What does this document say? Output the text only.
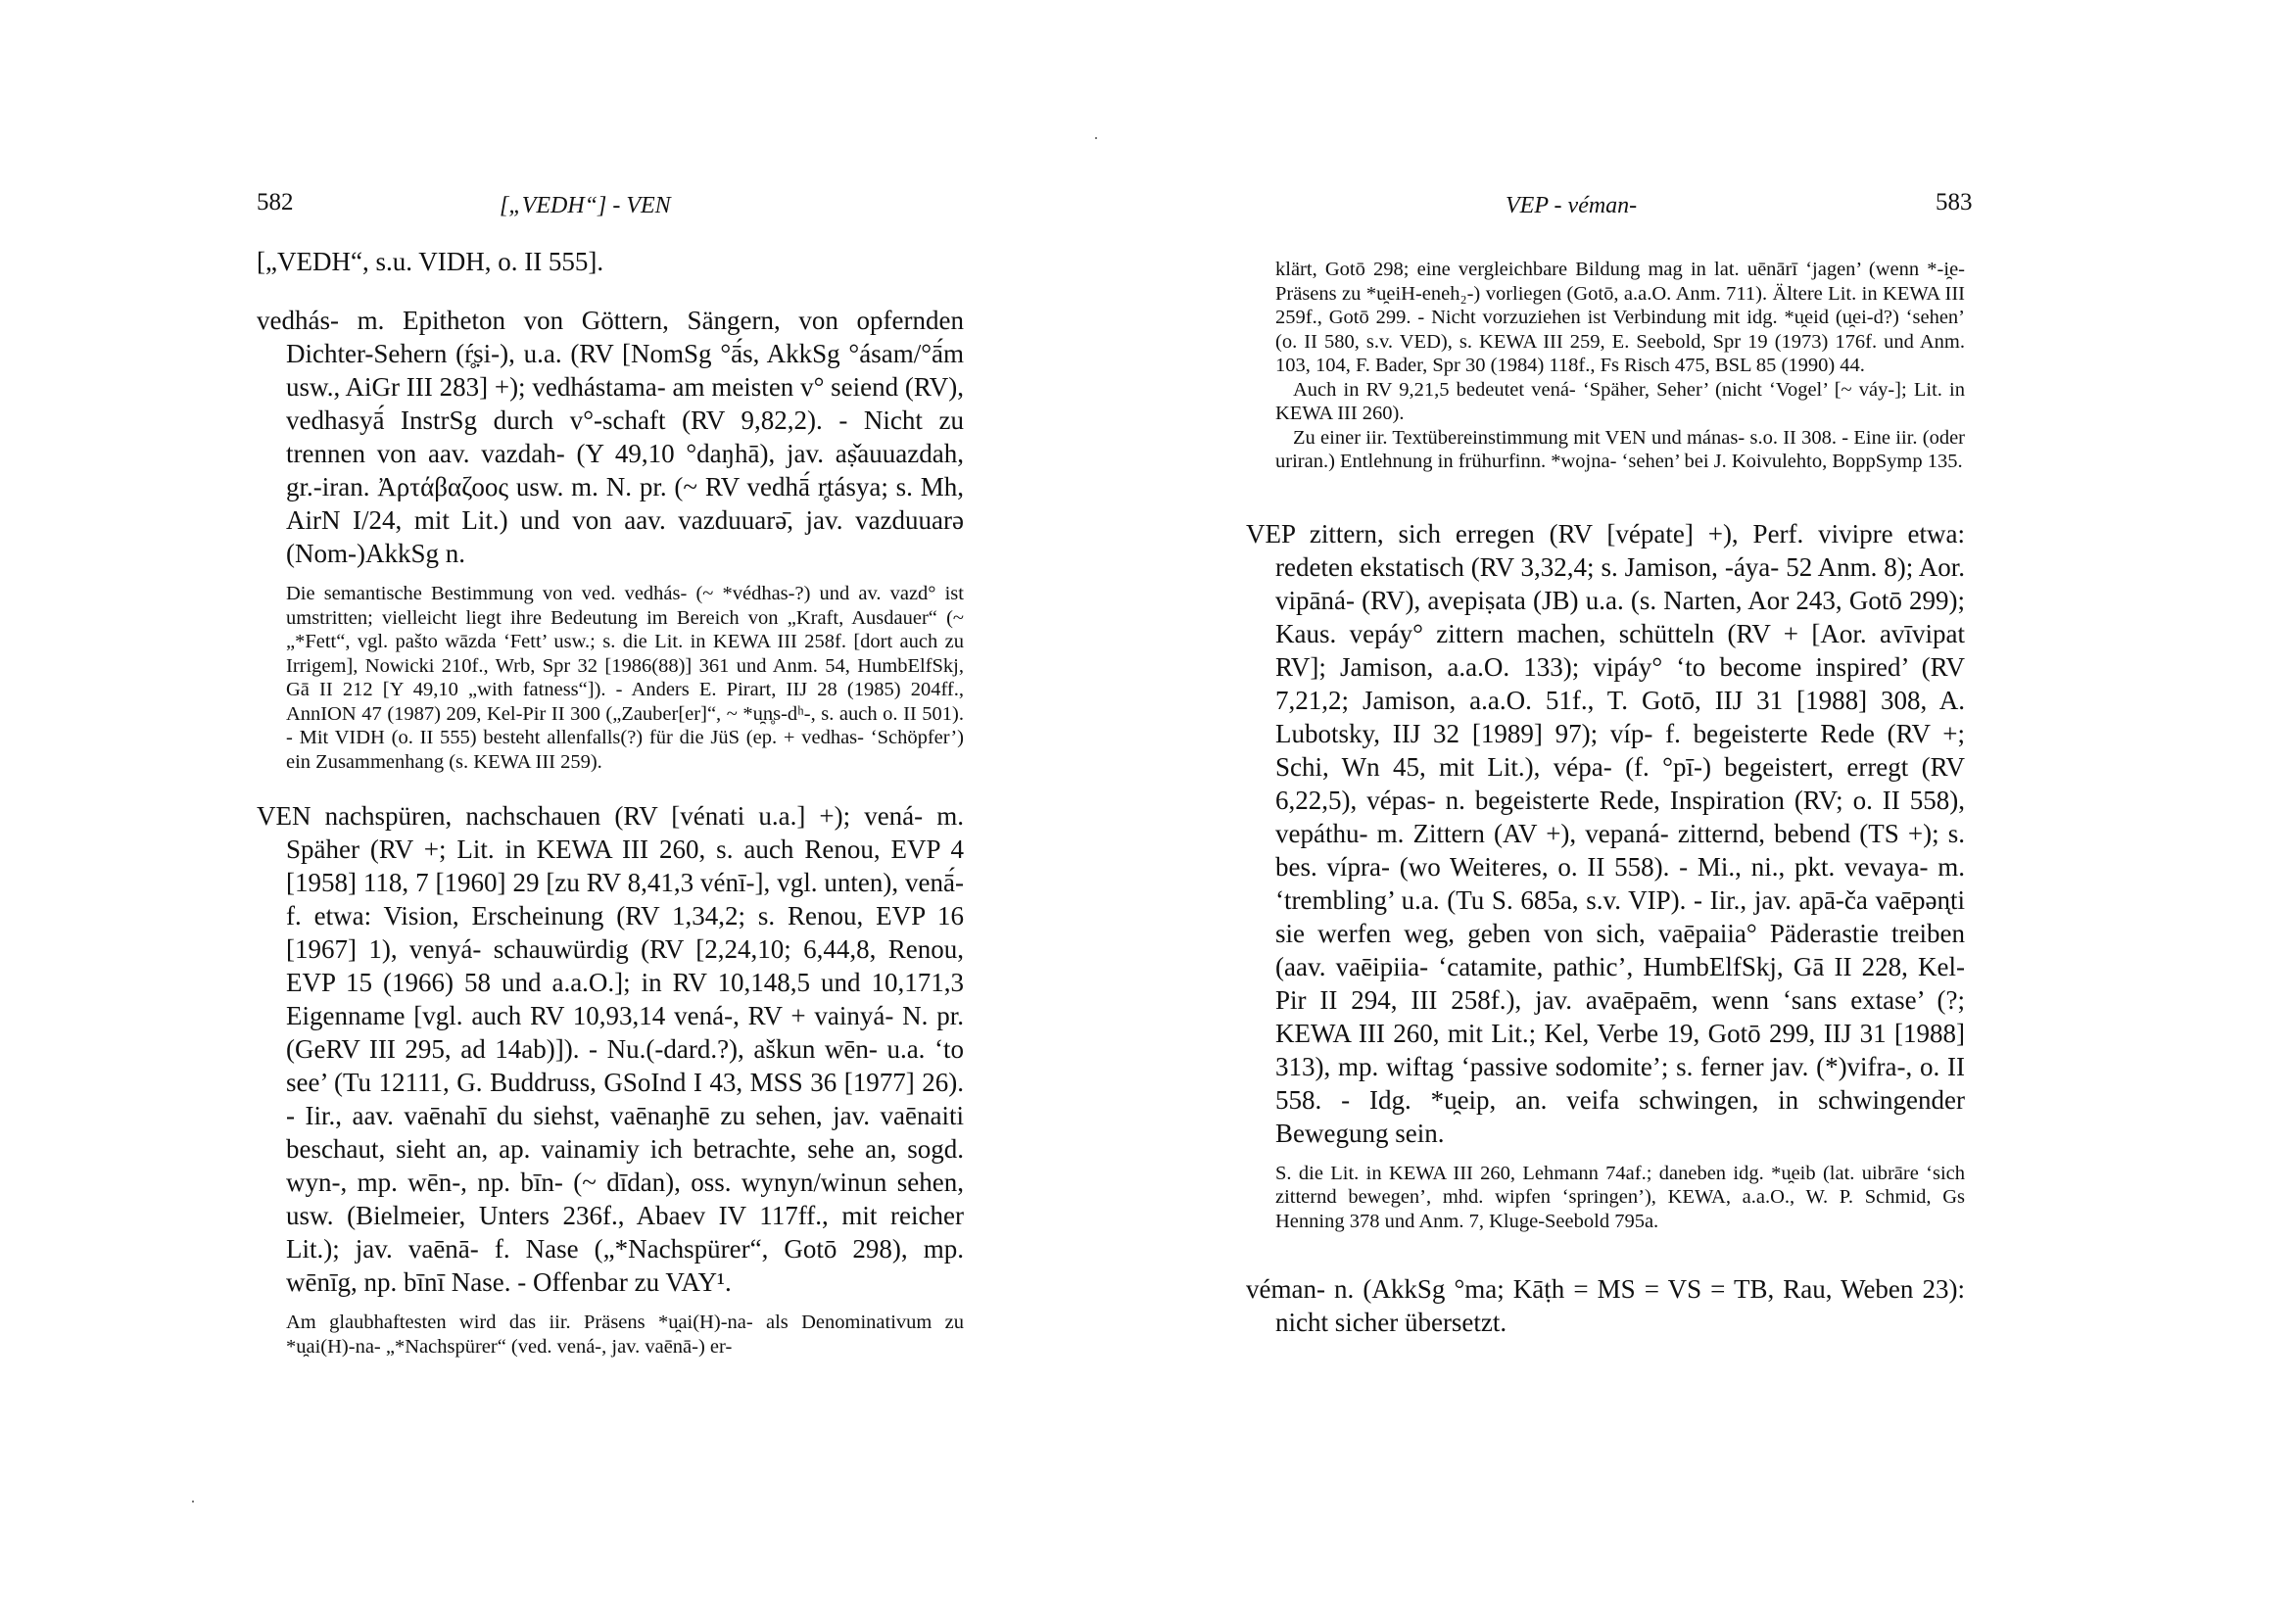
582	[„VEDH“] - VEN

[„VEDH“, s.u. VIDH, o. II 555].

vedhás- m. Epitheton von Göttern, Sängern, von opfernden Dichter-Sehern (ŕ̥ṣi-), u.a. (RV [NomSg °ā́s, AkkSg °ásam/°ā́m usw., AiGr III 283] +); vedhástama- am meisten v° seiend (RV), vedhasyā́ InstrSg durch v°-schaft (RV 9,82,2). - Nicht zu trennen von aav. vazdah- (Y 49,10 °daŋhā), jav. aṣ̌auuazdah, gr.-iran. Ἀρτάβαζοος usw. m. N. pr. (~ RV vedhā́ r̥tásya; s. Mh, AirN I/24, mit Lit.) und von aav. vazduuarə̄, jav. vazduuarə (Nom-)AkkSg n.

Die semantische Bestimmung von ved. vedhás- (~ *védhas-?) und av. vazd° ist umstritten; vielleicht liegt ihre Bedeutung im Bereich von „Kraft, Ausdauer“ (~ „*Fett“, vgl. pašto wāzda ‘Fett’ usw.; s. die Lit. in KEWA III 258f. [dort auch zu Irrigem], Nowicki 210f., Wrb, Spr 32 [1986(88)] 361 und Anm. 54, HumbElfSkj, Gā II 212 [Y 49,10 „with fatness“]). - Anders E. Pirart, IIJ 28 (1985) 204ff., AnnION 47 (1987) 209, Kel-Pir II 300 („Zauber[er]“, ~ *u̯n̥s-dʰ-, s. auch o. II 501). - Mit VIDH (o. II 555) besteht allenfalls(?) für die JüS (ep. + vedhas- ‘Schöpfer’) ein Zusammenhang (s. KEWA III 259).

VEN nachspüren, nachschauen (RV [vénati u.a.] +); vená- m. Späher (RV +; Lit. in KEWA III 260, s. auch Renou, EVP 4 [1958] 118, 7 [1960] 29 [zu RV 8,41,3 vénī-], vgl. unten), venā́- f. etwa: Vision, Erscheinung (RV 1,34,2; s. Renou, EVP 16 [1967] 1), venyá- schauwürdig (RV [2,24,10; 6,44,8, Renou, EVP 15 (1966) 58 und a.a.O.]; in RV 10,148,5 und 10,171,3 Eigenname [vgl. auch RV 10,93,14 vená-, RV + vainyá- N. pr. (GeRV III 295, ad 14ab)]). - Nu.(-dard.?), aškun wēn- u.a. ‘to see’ (Tu 12111, G. Buddruss, GSoInd I 43, MSS 36 [1977] 26). - Iir., aav. vaēnahī du siehst, vaēnaŋhē zu sehen, jav. vaēnaiti beschaut, sieht an, ap. vainamiy ich betrachte, sehe an, sogd. wyn-, mp. wēn-, np. bīn- (~ dīdan), oss. wynyn/winun sehen, usw. (Bielmeier, Unters 236f., Abaev IV 117ff., mit reicher Lit.); jav. vaēnā- f. Nase („*Nachspürer“, Gotō 298), mp. wēnīg, np. bīnī Nase. - Offenbar zu VAY¹.

Am glaubhaftesten wird das iir. Präsens *u̯ai(H)-na- als Denominativum zu *u̯ai(H)-na- „*Nachspürer“ (ved. vená-, jav. vaēnā-) er-

VEP - véman-	583

klärt, Gotō 298; eine vergleichbare Bildung mag in lat. uēnārī ‘jagen’ (wenn *-i̯e-Präsens zu *u̯eiH-eneh₂-) vorliegen (Gotō, a.a.O. Anm. 711). Ältere Lit. in KEWA III 259f., Gotō 299. - Nicht vorzuziehen ist Verbindung mit idg. *u̯eid (u̯ei-d?) ‘sehen’ (o. II 580, s.v. VED), s. KEWA III 259, E. Seebold, Spr 19 (1973) 176f. und Anm. 103, 104, F. Bader, Spr 30 (1984) 118f., Fs Risch 475, BSL 85 (1990) 44.

Auch in RV 9,21,5 bedeutet vená- ‘Späher, Seher’ (nicht ‘Vogel’ [~ váy-]; Lit. in KEWA III 260).

Zu einer iir. Textübereinstimmung mit VEN und mánas- s.o. II 308. - Eine iir. (oder uriran.) Entlehnung in frühurfinn. *wojna- ‘sehen’ bei J. Koivulehto, BoppSymp 135.

VEP zittern, sich erregen (RV [vépate] +), Perf. vivipre etwa: redeten ekstatisch (RV 3,32,4; s. Jamison, -áya- 52 Anm. 8); Aor. vipāná- (RV), avepiṣata (JB) u.a. (s. Narten, Aor 243, Gotō 299); Kaus. vepáy° zittern machen, schütteln (RV + [Aor. avīvipat RV]; Jamison, a.a.O. 133); vipáy° ‘to become inspired’ (RV 7,21,2; Jamison, a.a.O. 51f., T. Gotō, IIJ 31 [1988] 308, A. Lubotsky, IIJ 32 [1989] 97); víp- f. begeisterte Rede (RV +; Schi, Wn 45, mit Lit.), vépa- (f. °pī-) begeistert, erregt (RV 6,22,5), vépas- n. begeisterte Rede, Inspiration (RV; o. II 558), vepáthu- m. Zittern (AV +), vepaná- zitternd, bebend (TS +); s. bes. vípra- (wo Weiteres, o. II 558). - Mi., ni., pkt. vevaya- m. ‘trembling’ u.a. (Tu S. 685a, s.v. VIP). - Iir., jav. apā-ča vaēpən̨ti sie werfen weg, geben von sich, vaēpaiia° Päderastie treiben (aav. vaēipiia- ‘catamite, pathic’, HumbElfSkj, Gā II 228, Kel-Pir II 294, III 258f.), jav. avaēpaēm, wenn ‘sans extase’ (?; KEWA III 260, mit Lit.; Kel, Verbe 19, Gotō 299, IIJ 31 [1988] 313), mp. wiftag ‘passive sodomite’; s. ferner jav. (*)vifra-, o. II 558. - Idg. *u̯eip, an. veifa schwingen, in schwingender Bewegung sein.

S. die Lit. in KEWA III 260, Lehmann 74af.; daneben idg. *u̯eib (lat. uibrāre ‘sich zitternd bewegen’, mhd. wipfen ‘springen’), KEWA, a.a.O., W. P. Schmid, Gs Henning 378 und Anm. 7, Kluge-Seebold 795a.

véman- n. (AkkSg °ma; Kāṭh = MS = VS = TB, Rau, Weben 23): nicht sicher übersetzt.
